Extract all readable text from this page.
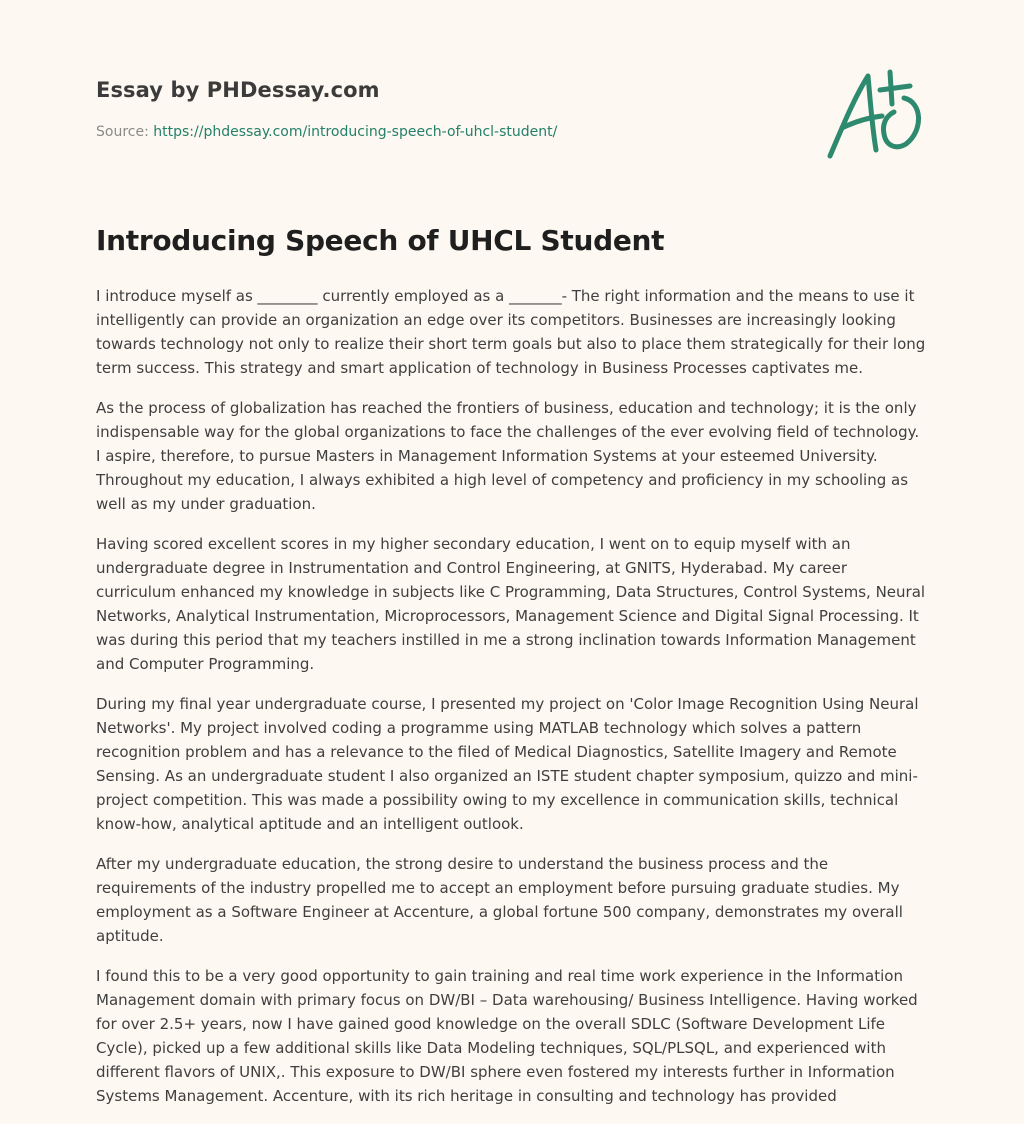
Essay by PHDessay.com
Source: https://phdessay.com/introducing-speech-of-uhcl-student/
Introducing Speech of UHCL Student

I introduce myself as ________ currently employed as a _______- The right information and the means to use it intelligently can provide an organization an edge over its competitors. Businesses are increasingly looking towards technology not only to realize their short term goals but also to place them strategically for their long term success. This strategy and smart application of technology in Business Processes captivates me.

As the process of globalization has reached the frontiers of business, education and technology; it is the only indispensable way for the global organizations to face the challenges of the ever evolving field of technology. I aspire, therefore, to pursue Masters in Management Information Systems at your esteemed University. Throughout my education, I always exhibited a high level of competency and proficiency in my schooling as well as my under graduation.

Having scored excellent scores in my higher secondary education, I went on to equip myself with an undergraduate degree in Instrumentation and Control Engineering, at GNITS, Hyderabad. My career curriculum enhanced my knowledge in subjects like C Programming, Data Structures, Control Systems, Neural Networks, Analytical Instrumentation, Microprocessors, Management Science and Digital Signal Processing. It was during this period that my teachers instilled in me a strong inclination towards Information Management and Computer Programming.

During my final year undergraduate course, I presented my project on 'Color Image Recognition Using Neural Networks'. My project involved coding a programme using MATLAB technology which solves a pattern recognition problem and has a relevance to the filed of Medical Diagnostics, Satellite Imagery and Remote Sensing. As an undergraduate student I also organized an ISTE student chapter symposium, quizzo and mini-project competition. This was made a possibility owing to my excellence in communication skills, technical know-how, analytical aptitude and an intelligent outlook.

After my undergraduate education, the strong desire to understand the business process and the requirements of the industry propelled me to accept an employment before pursuing graduate studies. My employment as a Software Engineer at Accenture, a global fortune 500 company, demonstrates my overall aptitude.

I found this to be a very good opportunity to gain training and real time work experience in the Information Management domain with primary focus on DW/BI – Data warehousing/ Business Intelligence. Having worked for over 2.5+ years, now I have gained good knowledge on the overall SDLC (Software Development Life Cycle), picked up a few additional skills like Data Modeling techniques, SQL/PLSQL, and experienced with different flavors of UNIX,. This exposure to DW/BI sphere even fostered my interests further in Information Systems Management. Accenture, with its rich heritage in consulting and technology has provided
